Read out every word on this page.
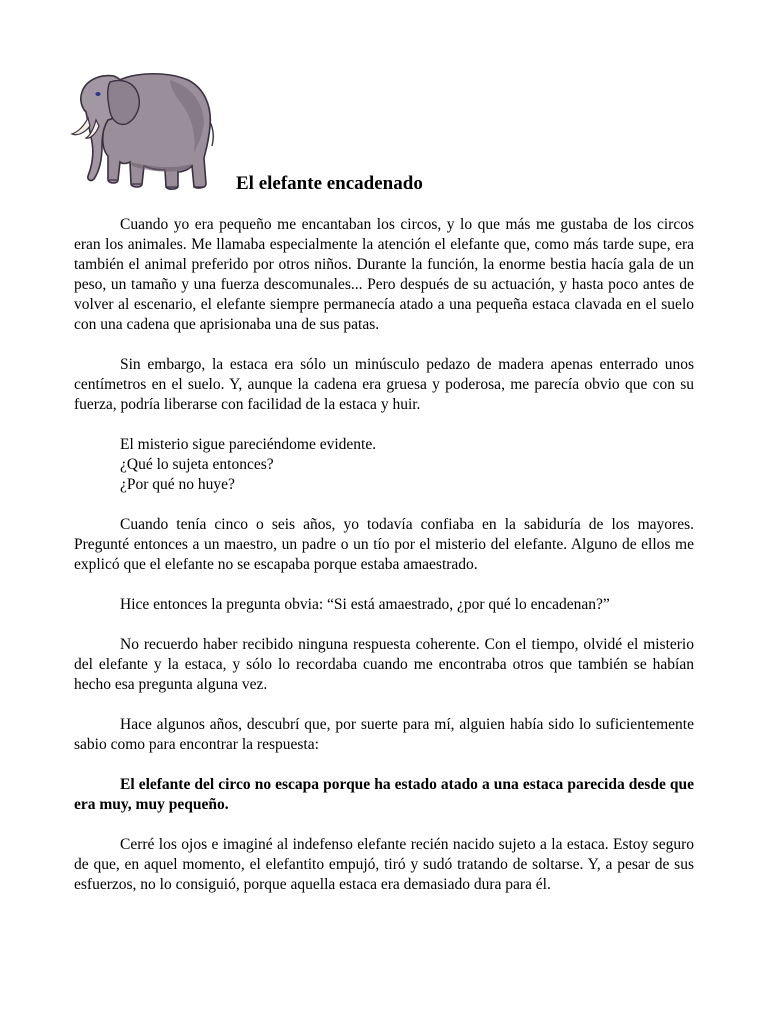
El elefante encadenado

Cuando yo era pequeño me encantaban los circos, y lo que más me gustaba de los circos eran los animales. Me llamaba especialmente la atención el elefante que, como más tarde supe, era también el animal preferido por otros niños. Durante la función, la enorme bestia hacía gala de un peso, un tamaño y una fuerza descomunales... Pero después de su actuación, y hasta poco antes de volver al escenario, el elefante siempre permanecía atado a una pequeña estaca clavada en el suelo con una cadena que aprisionaba una de sus patas.

Sin embargo, la estaca era sólo un minúsculo pedazo de madera apenas enterrado unos centímetros en el suelo. Y, aunque la cadena era gruesa y poderosa, me parecía obvio que con su fuerza, podría liberarse con facilidad de la estaca y huir.

El misterio sigue pareciéndome evidente.
¿Qué lo sujeta entonces?
¿Por qué no huye?

Cuando tenía cinco o seis años, yo todavía confiaba en la sabiduría de los mayores. Pregunté entonces a un maestro, un padre o un tío por el misterio del elefante. Alguno de ellos me explicó que el elefante no se escapaba porque estaba amaestrado.

Hice entonces la pregunta obvia: “Si está amaestrado, ¿por qué lo encadenan?”

No recuerdo haber recibido ninguna respuesta coherente. Con el tiempo, olvidé el misterio del elefante y la estaca, y sólo lo recordaba cuando me encontraba otros que también se habían hecho esa pregunta alguna vez.

Hace algunos años, descubrí que, por suerte para mí, alguien había sido lo suficientemente sabio como para encontrar la respuesta:

El elefante del circo no escapa porque ha estado atado a una estaca parecida desde que era muy, muy pequeño.

Cerré los ojos e imaginé al indefenso elefante recién nacido sujeto a la estaca. Estoy seguro de que, en aquel momento, el elefantito empujó, tiró y sudó tratando de soltarse. Y, a pesar de sus esfuerzos, no lo consiguió, porque aquella estaca era demasiado dura para él.
